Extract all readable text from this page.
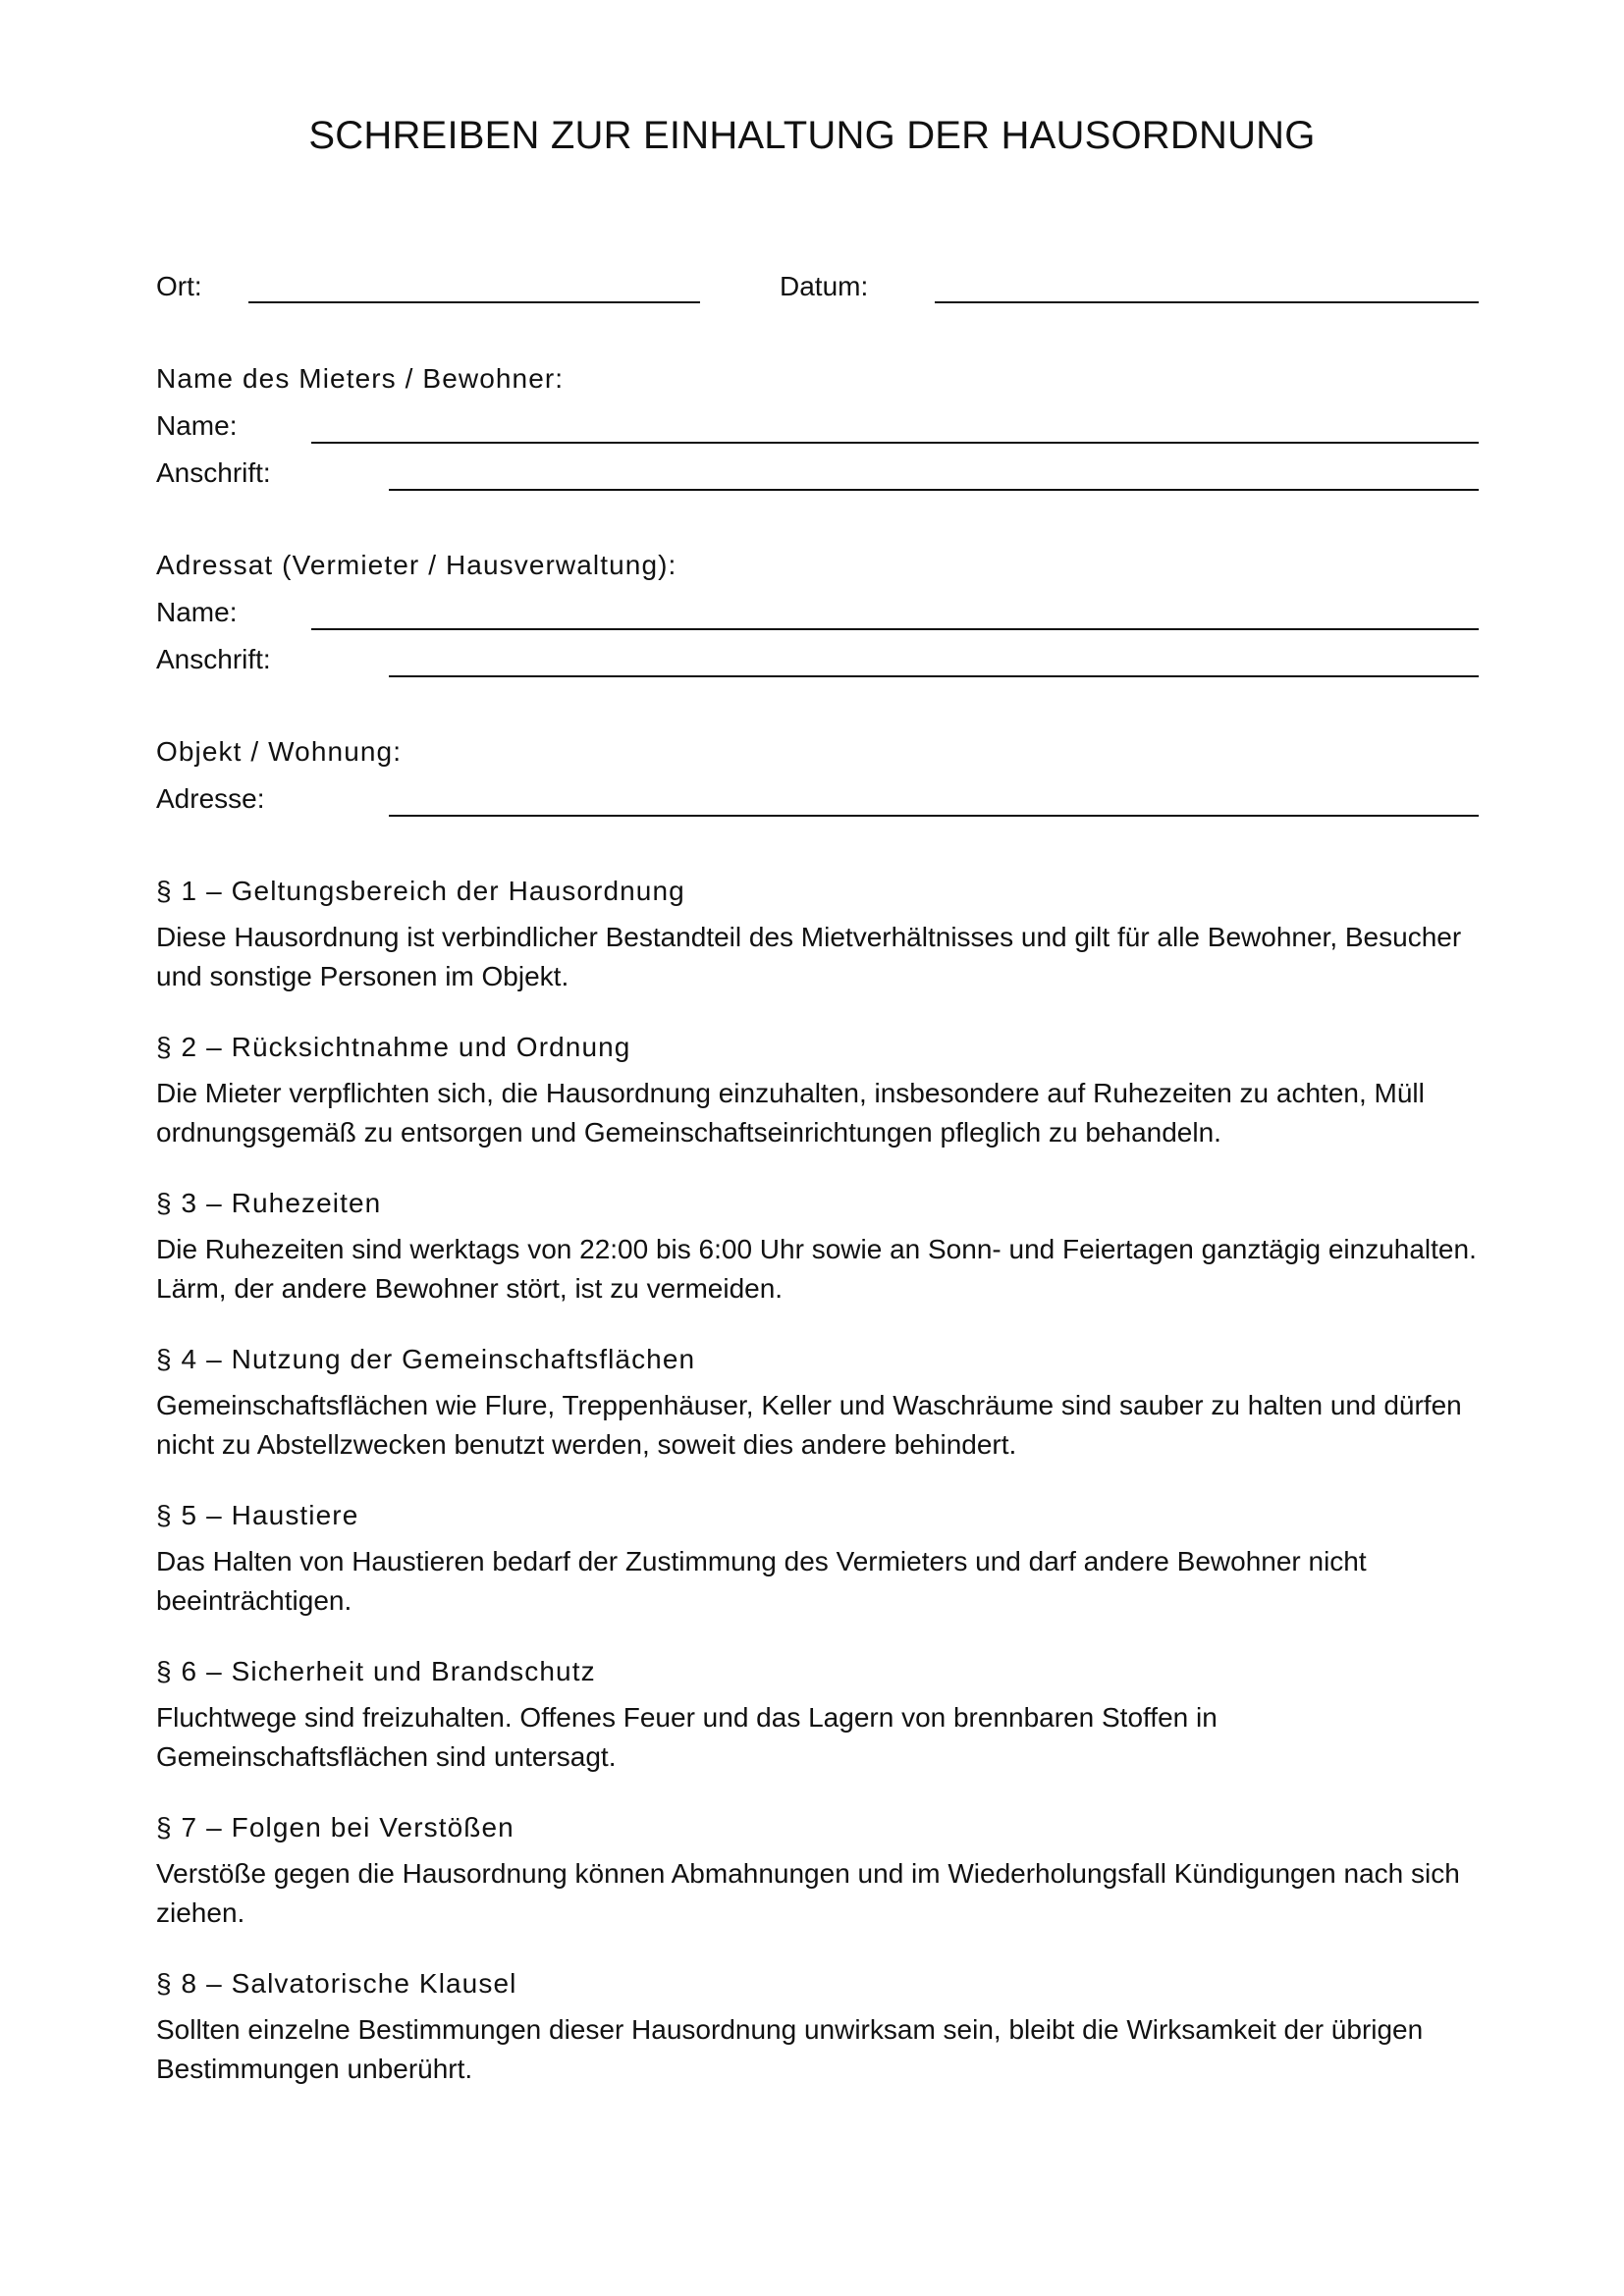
SCHREIBEN ZUR EINHALTUNG DER HAUSORDNUNG
Ort:	Datum:
Name des Mieters / Bewohner:
Name:
Anschrift:
Adressat (Vermieter / Hausverwaltung):
Name:
Anschrift:
Objekt / Wohnung:
Adresse:
§ 1 – Geltungsbereich der Hausordnung
Diese Hausordnung ist verbindlicher Bestandteil des Mietverhältnisses und gilt für alle Bewohner, Besucher und sonstige Personen im Objekt.
§ 2 – Rücksichtnahme und Ordnung
Die Mieter verpflichten sich, die Hausordnung einzuhalten, insbesondere auf Ruhezeiten zu achten, Müll ordnungsgemäß zu entsorgen und Gemeinschaftseinrichtungen pfleglich zu behandeln.
§ 3 – Ruhezeiten
Die Ruhezeiten sind werktags von 22:00 bis 6:00 Uhr sowie an Sonn- und Feiertagen ganztägig einzuhalten. Lärm, der andere Bewohner stört, ist zu vermeiden.
§ 4 – Nutzung der Gemeinschaftsflächen
Gemeinschaftsflächen wie Flure, Treppenhäuser, Keller und Waschräume sind sauber zu halten und dürfen nicht zu Abstellzwecken benutzt werden, soweit dies andere behindert.
§ 5 – Haustiere
Das Halten von Haustieren bedarf der Zustimmung des Vermieters und darf andere Bewohner nicht beeinträchtigen.
§ 6 – Sicherheit und Brandschutz
Fluchtwege sind freizuhalten. Offenes Feuer und das Lagern von brennbaren Stoffen in Gemeinschaftsflächen sind untersagt.
§ 7 – Folgen bei Verstößen
Verstöße gegen die Hausordnung können Abmahnungen und im Wiederholungsfall Kündigungen nach sich ziehen.
§ 8 – Salvatorische Klausel
Sollten einzelne Bestimmungen dieser Hausordnung unwirksam sein, bleibt die Wirksamkeit der übrigen Bestimmungen unberührt.
